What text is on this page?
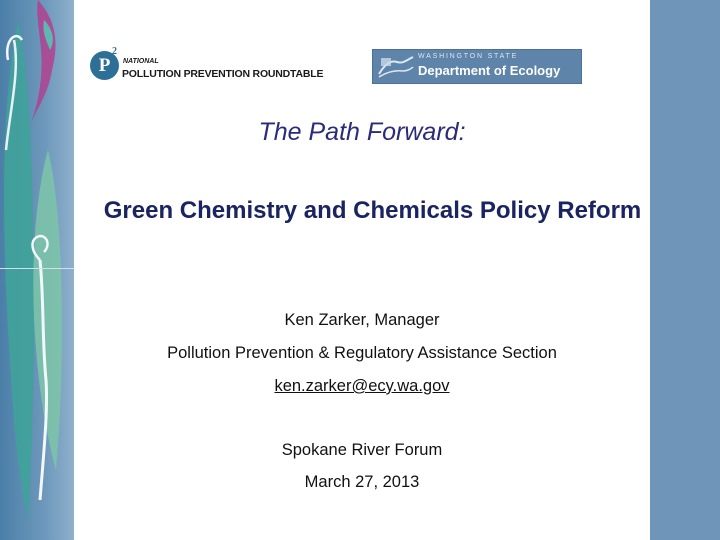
P
2
NATIONAL
POLLUTION PREVENTION ROUNDTABLE
WASHINGTON STATE
Department of Ecology
The Path Forward:
Green Chemistry and Chemicals Policy Reform
Ken Zarker, Manager
Pollution Prevention & Regulatory Assistance Section
ken.zarker@ecy.wa.gov
Spokane River Forum
March 27, 2013
